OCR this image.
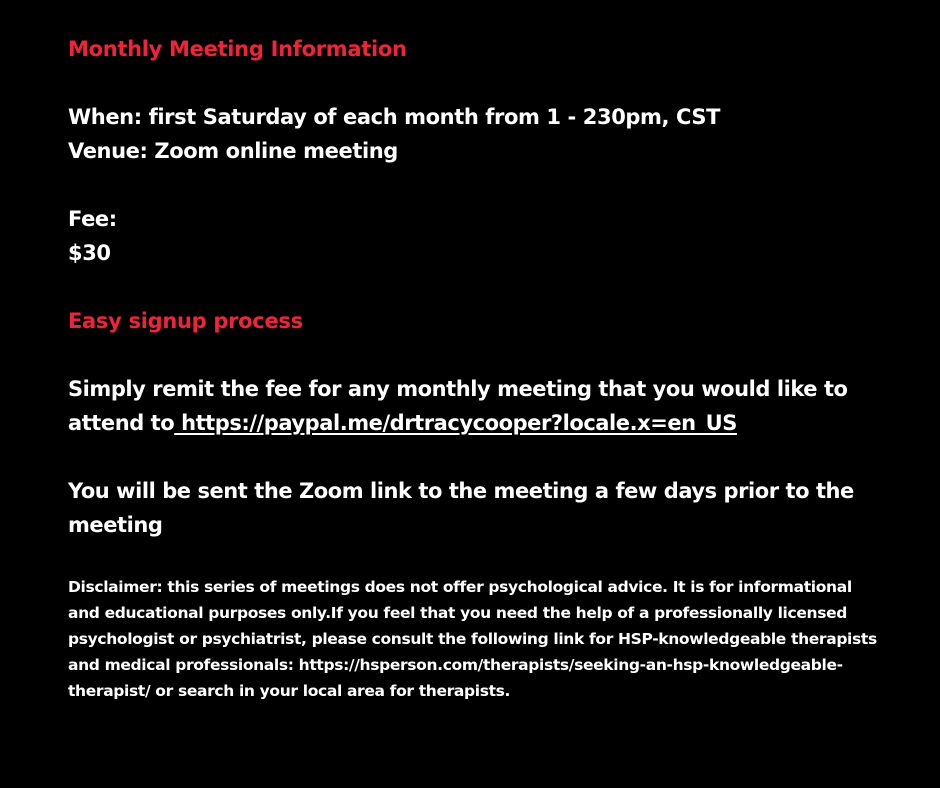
Monthly Meeting Information
When: first Saturday of each month from 1 - 230pm, CST
Venue: Zoom online meeting
Fee:
$30
Easy signup process
Simply remit the fee for any monthly meeting that you would like to attend to https://paypal.me/drtracycooper?locale.x=en_US
You will be sent the Zoom link to the meeting a few days prior to the meeting
Disclaimer: this series of meetings does not offer psychological advice. It is for informational and educational purposes only.If you feel that you need the help of a professionally licensed psychologist or psychiatrist, please consult the following link for HSP-knowledgeable therapists and medical professionals: https://hsperson.com/therapists/seeking-an-hsp-knowledgeable-therapist/ or search in your local area for therapists.
